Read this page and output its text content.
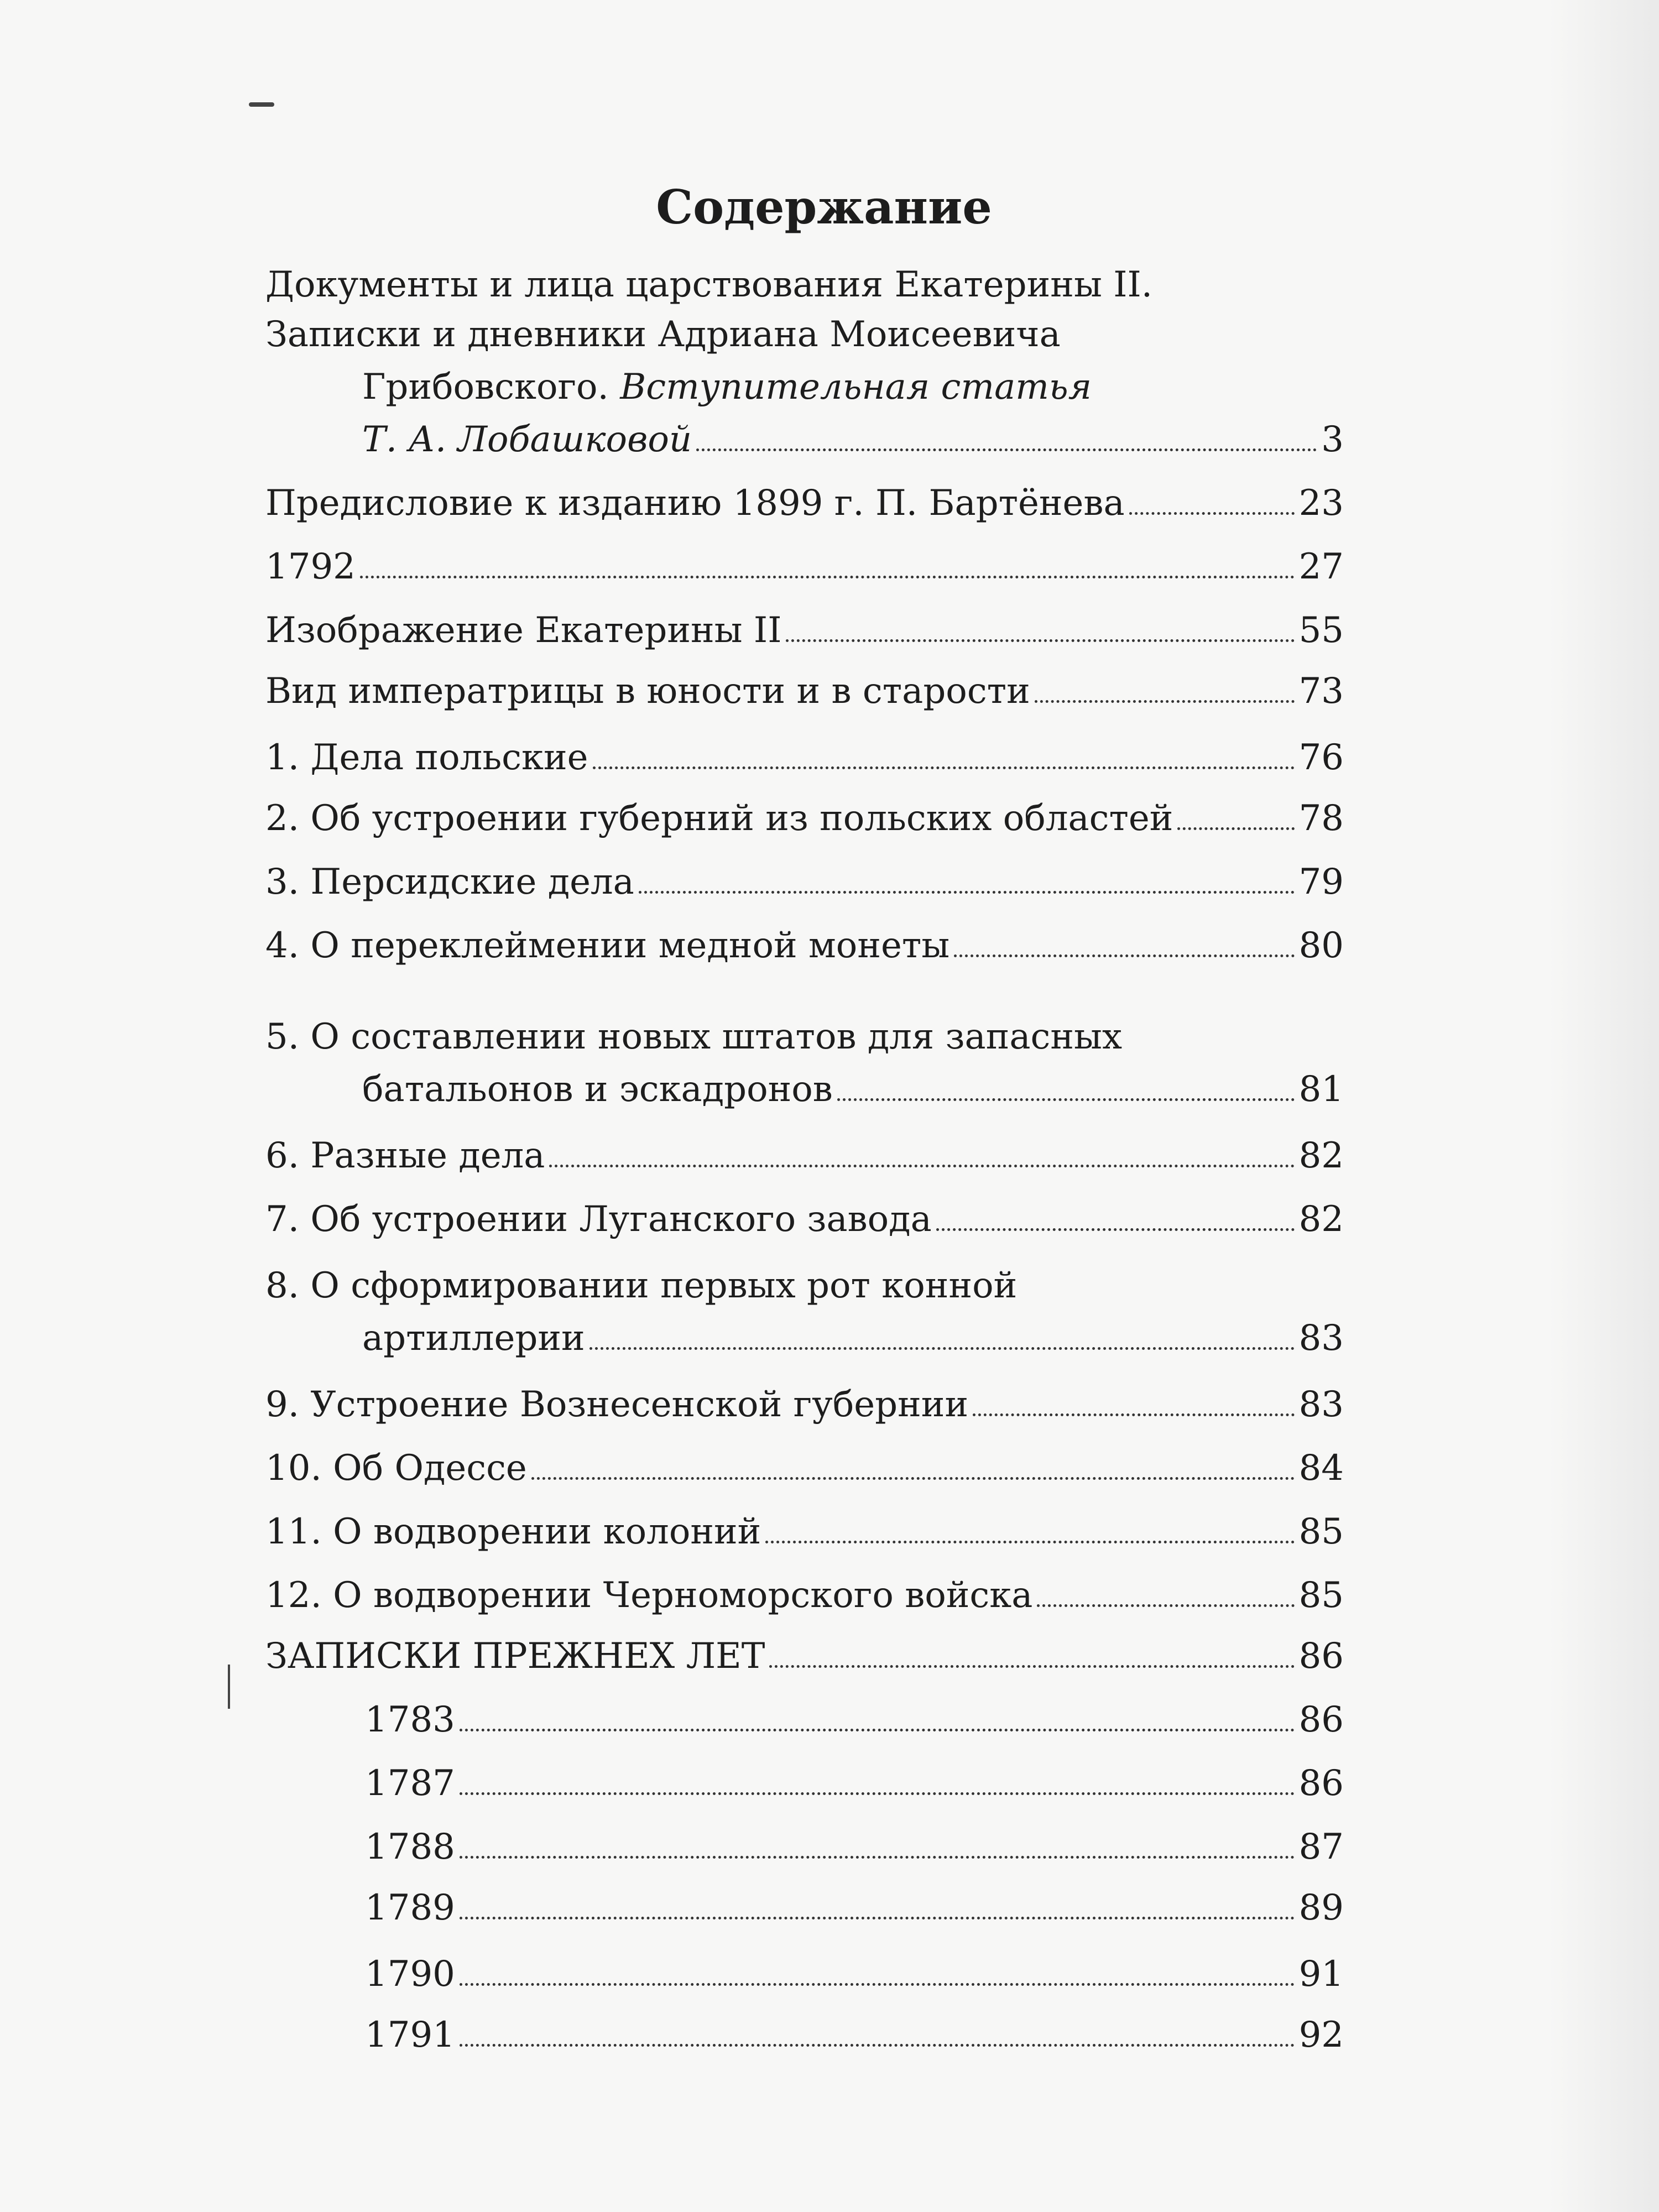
Содержание
Документы и лица царствования Екатерины II.
Записки и дневники Адриана Моисеевича
Грибовского. Вступительная статья
Т. А. Лобашковой	3
Предисловие к изданию 1899 г. П. Бартёнева	23
1792	27
Изображение Екатерины II	55
Вид императрицы в юности и в старости	73
1. Дела польские	76
2. Об устроении губерний из польских областей	78
3. Персидские дела	79
4. О переклеймении медной монеты	80
5. О составлении новых штатов для запасных
батальонов и эскадронов	81
6. Разные дела	82
7. Об устроении Луганского завода	82
8. О сформировании первых рот конной
артиллерии	83
9. Устроение Вознесенской губернии	83
10. Об Одессе	84
11. О водворении колоний	85
12. О водворении Черноморского войска	85
ЗАПИСКИ ПРЕЖНЕХ ЛЕТ	86
1783	86
1787	86
1788	87
1789	89
1790	91
1791	92
